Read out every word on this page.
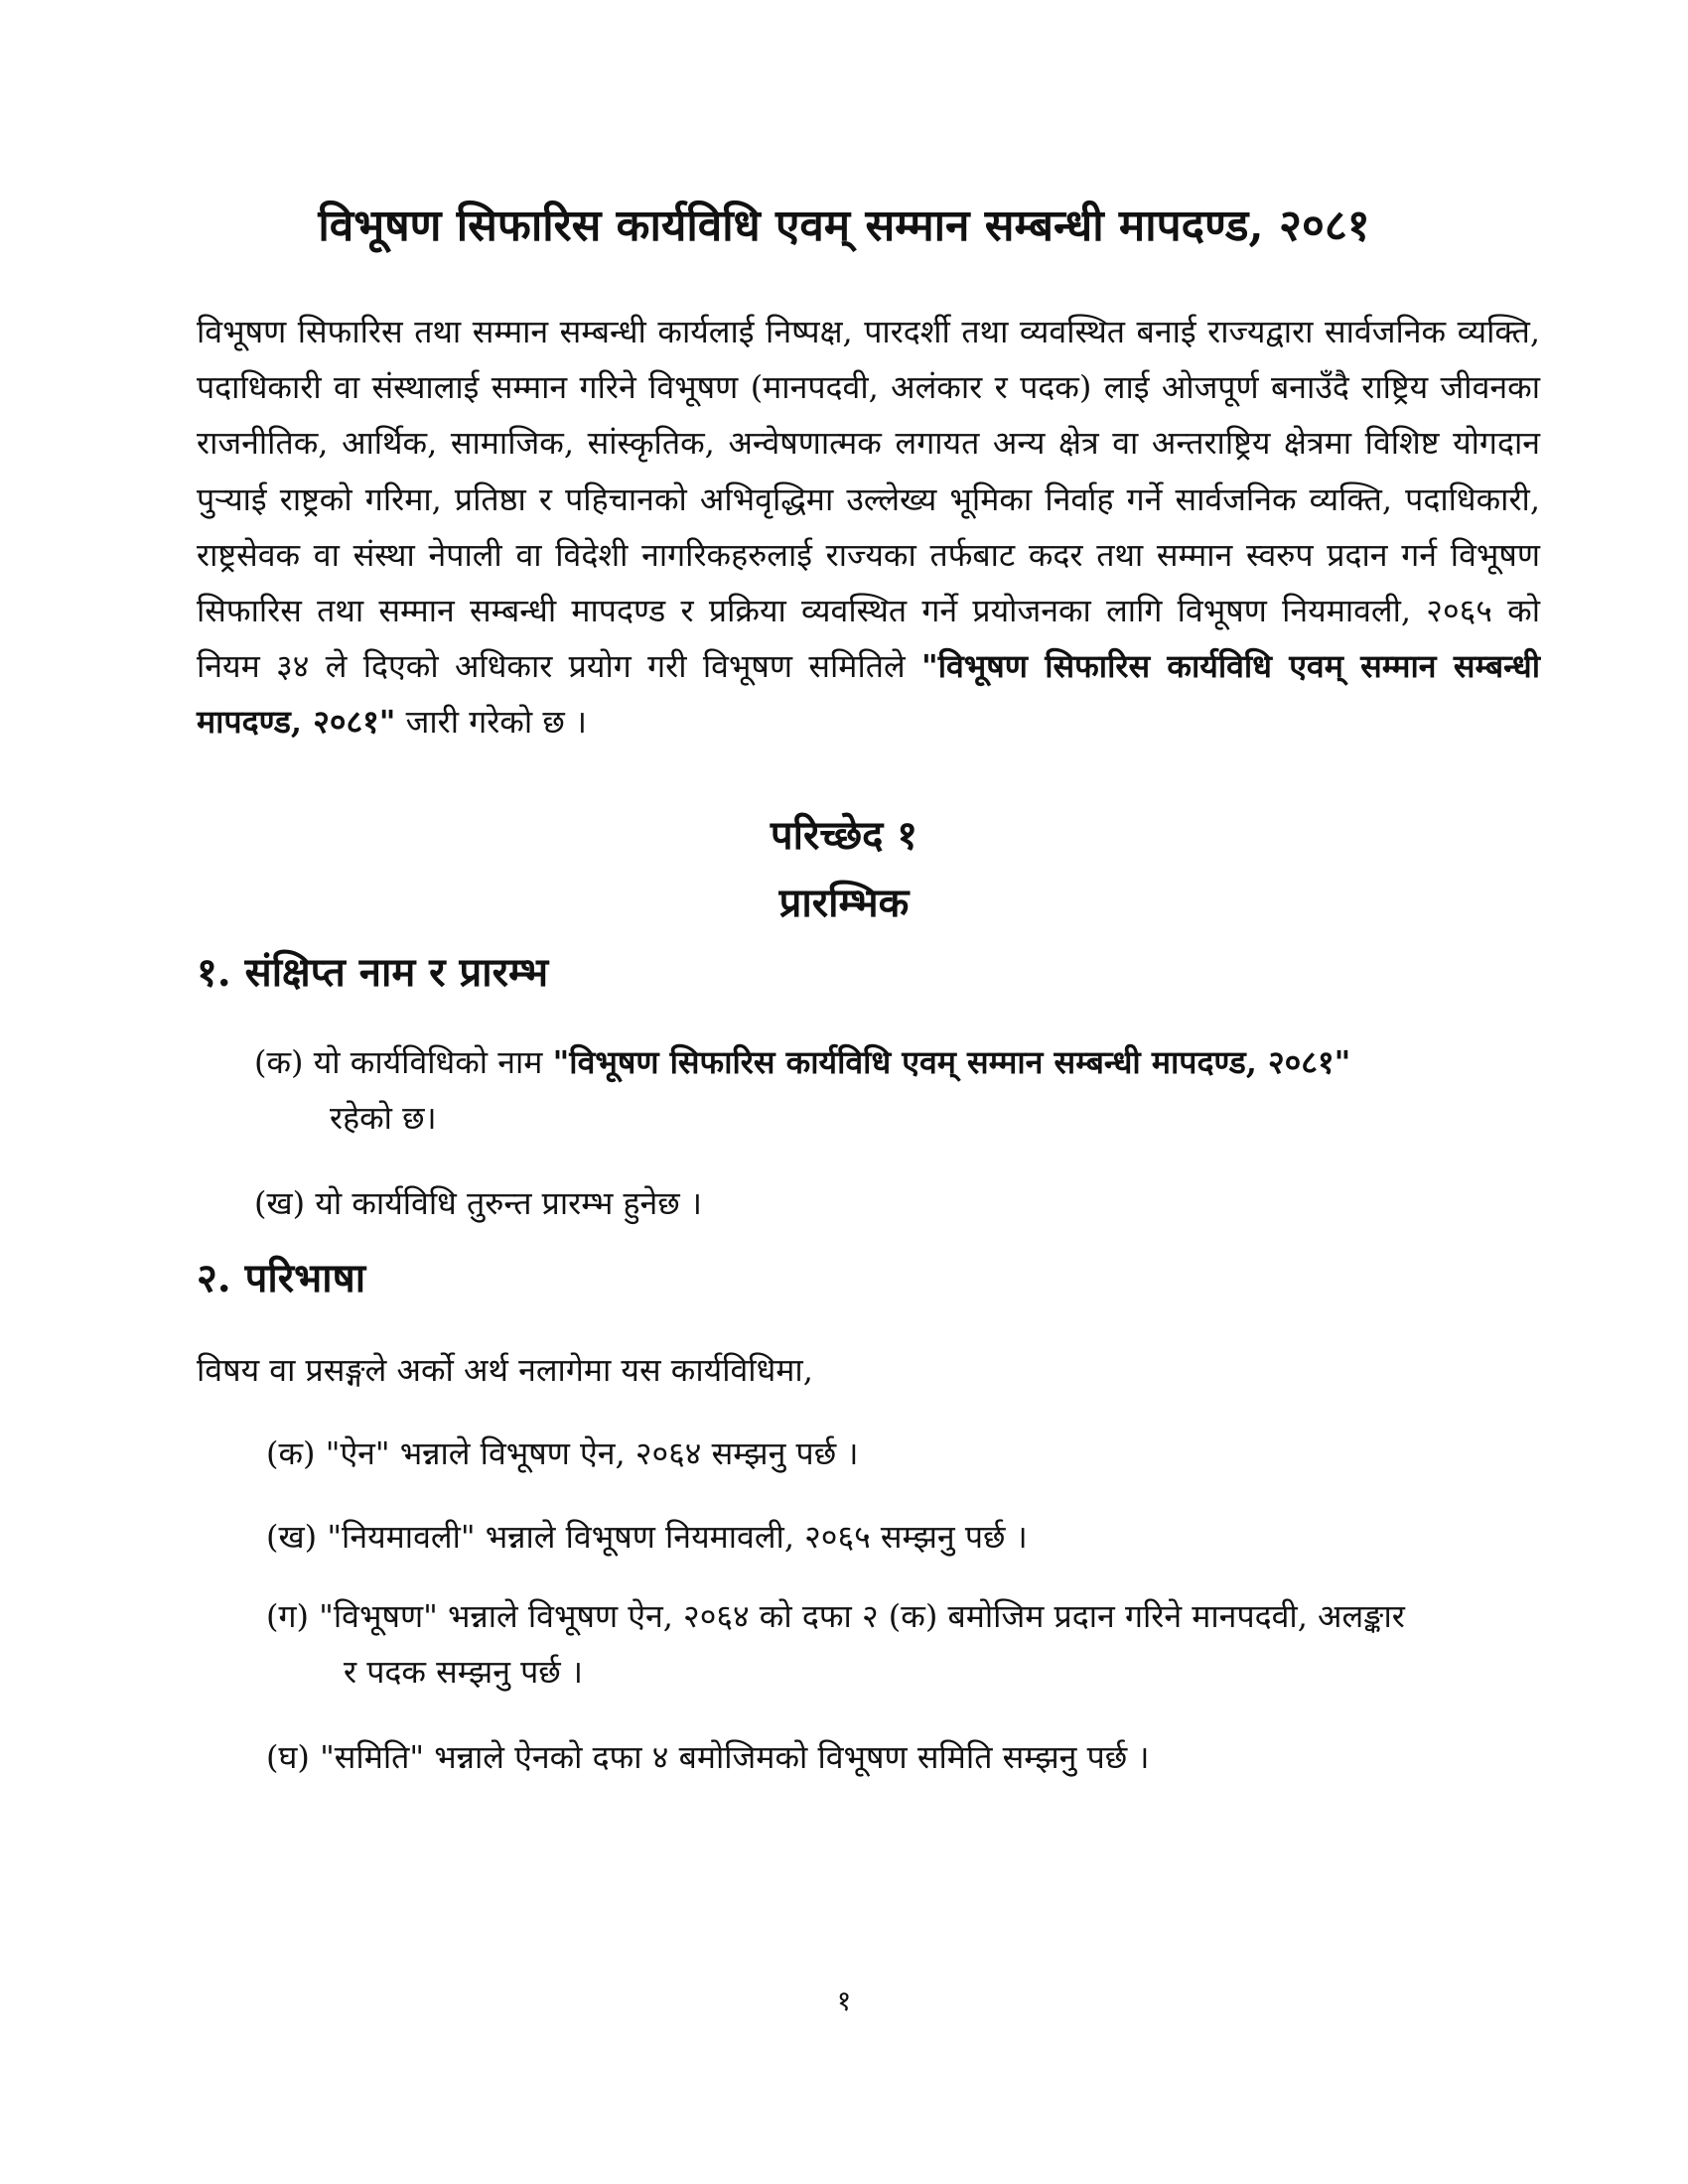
विभूषण सिफारिस कार्यविधि एवम् सम्मान सम्बन्धी मापदण्ड, २०८१
विभूषण सिफारिस तथा सम्मान सम्बन्धी कार्यलाई निष्पक्ष, पारदर्शी तथा व्यवस्थित बनाई राज्यद्वारा सार्वजनिक व्यक्ति, पदाधिकारी वा संस्थालाई सम्मान गरिने विभूषण (मानपदवी, अलंकार र पदक) लाई ओजपूर्ण बनाउँदै राष्ट्रिय जीवनका राजनीतिक, आर्थिक, सामाजिक, सांस्कृतिक, अन्वेषणात्मक लगायत अन्य क्षेत्र वा अन्तराष्ट्रिय क्षेत्रमा विशिष्ट योगदान पुर्‍याई राष्ट्रको गरिमा, प्रतिष्ठा र पहिचानको अभिवृद्धिमा उल्लेख्य भूमिका निर्वाह गर्ने सार्वजनिक व्यक्ति, पदाधिकारी, राष्ट्रसेवक वा संस्था नेपाली वा विदेशी नागरिकहरुलाई राज्यका तर्फबाट कदर तथा सम्मान स्वरुप प्रदान गर्न विभूषण सिफारिस तथा सम्मान सम्बन्धी मापदण्ड र प्रक्रिया व्यवस्थित गर्ने प्रयोजनका लागि विभूषण नियमावली, २०६५ को नियम ३४ ले दिएको अधिकार प्रयोग गरी विभूषण समितिले "विभूषण सिफारिस कार्यविधि एवम् सम्मान सम्बन्धी मापदण्ड, २०८१" जारी गरेको छ ।
परिच्छेद १
प्रारम्भिक
१. संक्षिप्त नाम र प्रारम्भ
(क) यो कार्यविधिको नाम "विभूषण सिफारिस कार्यविधि एवम् सम्मान सम्बन्धी मापदण्ड, २०८१"
रहेको छ।
(ख) यो कार्यविधि तुरुन्त प्रारम्भ हुनेछ ।
२. परिभाषा
विषय वा प्रसङ्गले अर्को अर्थ नलागेमा यस कार्यविधिमा,
(क) "ऐन" भन्नाले विभूषण ऐन, २०६४ सम्झनु पर्छ ।
(ख) "नियमावली" भन्नाले विभूषण नियमावली, २०६५ सम्झनु पर्छ ।
(ग) "विभूषण" भन्नाले विभूषण ऐन, २०६४ को दफा २ (क) बमोजिम प्रदान गरिने मानपदवी, अलङ्कार
र पदक सम्झनु पर्छ ।
(घ) "समिति" भन्नाले ऐनको दफा ४ बमोजिमको विभूषण समिति सम्झनु पर्छ ।
१
